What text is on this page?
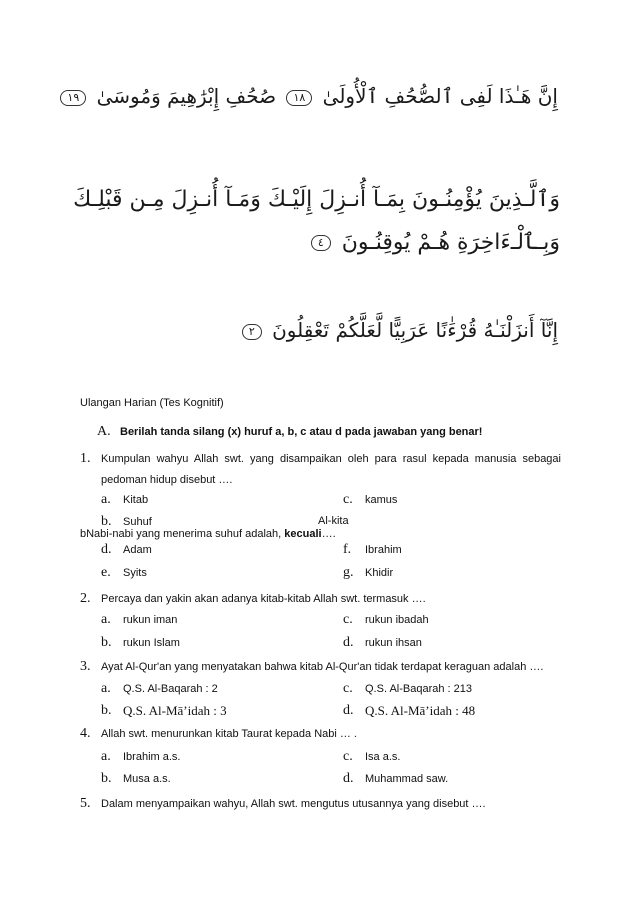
إِنَّ هَـٰذَا لَفِى ٱلصُّحُفِ ٱلْأُولَىٰ ١٨ صُحُفِ إِبْرَٰهِيمَ وَمُوسَىٰ ١٩
وَٱلَّـذِينَ يُؤْمِنُـونَ بِمَـآ أُنـزِلَ إِلَيْـكَ وَمَـآ أُنـزِلَ مِـن قَبْلِـكَ
وَبِـٱلْـءَاخِرَةِ هُـمْ يُوقِنُـونَ ٤
إِنَّآ أَنزَلْنَـٰهُ قُرْءَٰنًا عَرَبِيًّا لَّعَلَّكُمْ تَعْقِلُونَ ٢
Ulangan Harian (Tes Kognitif)
A. Berilah tanda silang (x) huruf a, b, c atau d pada jawaban yang benar!
1. Kumpulan wahyu Allah swt. yang disampaikan oleh para rasul kepada manusia sebagai
pedoman hidup disebut ….
a. Kitab	c. kamus
b. Suhuf	Al-kita
bNabi-nabi yang menerima suhuf adalah, kecuali….
d. Adam	f. Ibrahim
e. Syits	g. Khidir
2. Percaya dan yakin akan adanya kitab-kitab Allah swt. termasuk ….
a. rukun iman	c. rukun ibadah
b. rukun Islam	d. rukun ihsan
3. Ayat Al-Qur'an yang menyatakan bahwa kitab Al-Qur'an tidak terdapat keraguan adalah ….
a. Q.S. Al-Baqarah : 2	c. Q.S. Al-Baqarah : 213
b. Q.S. Al-Mā’idah : 3	d. Q.S. Al-Mā’idah : 48
4. Allah swt. menurunkan kitab Taurat kepada Nabi … .
a. Ibrahim a.s.	c. Isa a.s.
b. Musa a.s.	d. Muhammad saw.
5. Dalam menyampaikan wahyu, Allah swt. mengutus utusannya yang disebut ….
